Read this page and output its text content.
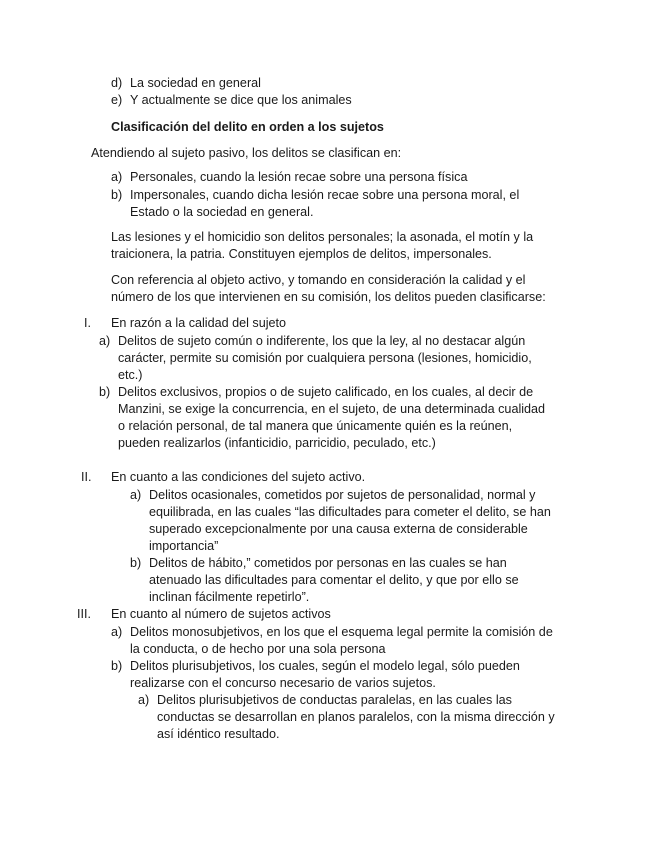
d) La sociedad en general
e) Y actualmente se dice que los animales
Clasificación del delito en orden a los sujetos
Atendiendo al sujeto pasivo, los delitos se clasifican en:
a) Personales, cuando la lesión recae sobre una persona física
b) Impersonales, cuando dicha lesión recae sobre una persona moral, el
Estado o la sociedad en general.
Las lesiones y el homicidio son delitos personales; la asonada, el motín y la
traicionera, la patria. Constituyen ejemplos de delitos, impersonales.
Con referencia al objeto activo, y tomando en consideración la calidad y el
número de los que intervienen en su comisión, los delitos pueden clasificarse:
I. En razón a la calidad del sujeto
a) Delitos de sujeto común o indiferente, los que la ley, al no destacar algún
carácter, permite su comisión por cualquiera persona (lesiones, homicidio,
etc.)
b) Delitos exclusivos, propios o de sujeto calificado, en los cuales, al decir de
Manzini, se exige la concurrencia, en el sujeto, de una determinada cualidad
o relación personal, de tal manera que únicamente quién es la reúnen,
pueden realizarlos (infanticidio, parricidio, peculado, etc.)
II. En cuanto a las condiciones del sujeto activo.
a) Delitos ocasionales, cometidos por sujetos de personalidad, normal y
equilibrada, en las cuales “las dificultades para cometer el delito, se han
superado excepcionalmente por una causa externa de considerable
importancia”
b) Delitos de hábito,” cometidos por personas en las cuales se han
atenuado las dificultades para comentar el delito, y que por ello se
inclinan fácilmente repetirlo”.
III. En cuanto al número de sujetos activos
a) Delitos monosubjetivos, en los que el esquema legal permite la comisión de
la conducta, o de hecho por una sola persona
b) Delitos plurisubjetivos, los cuales, según el modelo legal, sólo pueden
realizarse con el concurso necesario de varios sujetos.
a) Delitos plurisubjetivos de conductas paralelas, en las cuales las
conductas se desarrollan en planos paralelos, con la misma dirección y
así idéntico resultado.
